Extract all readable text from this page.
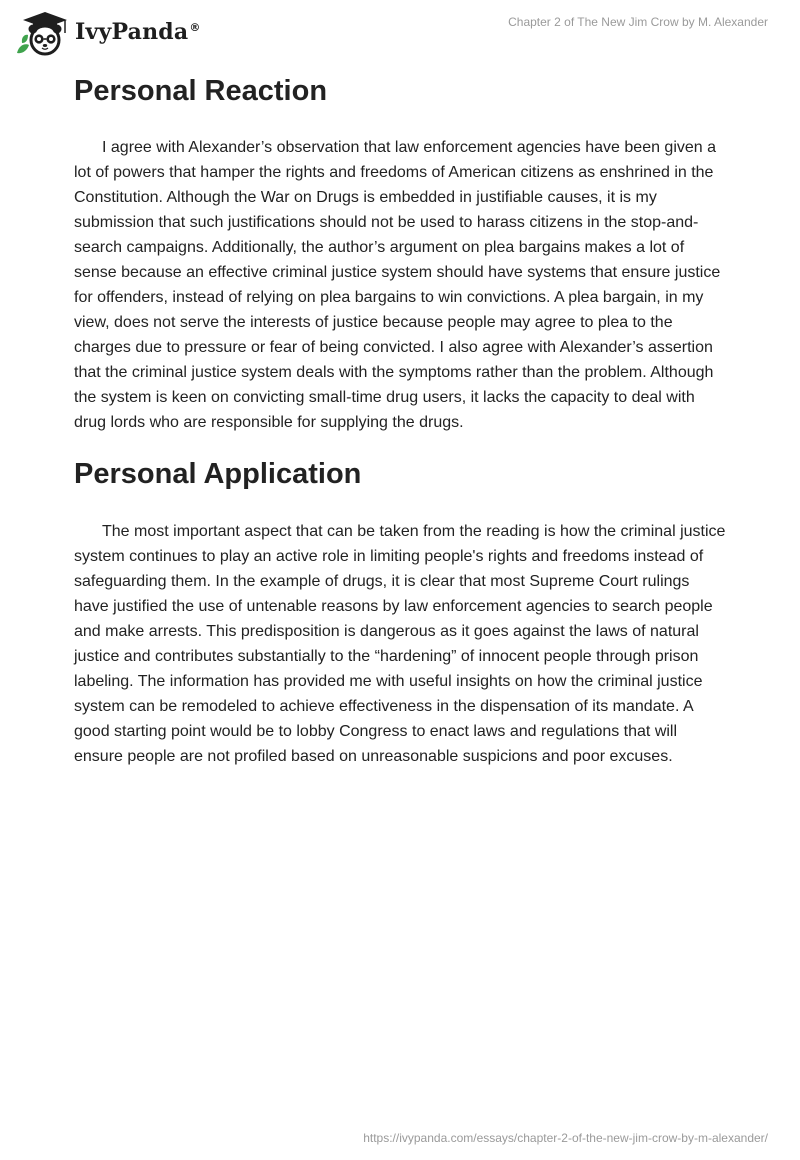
IvyPanda®	Chapter 2 of The New Jim Crow by M. Alexander
Personal Reaction

I agree with Alexander’s observation that law enforcement agencies have been given a lot of powers that hamper the rights and freedoms of American citizens as enshrined in the Constitution. Although the War on Drugs is embedded in justifiable causes, it is my submission that such justifications should not be used to harass citizens in the stop-and-search campaigns. Additionally, the author’s argument on plea bargains makes a lot of sense because an effective criminal justice system should have systems that ensure justice for offenders, instead of relying on plea bargains to win convictions. A plea bargain, in my view, does not serve the interests of justice because people may agree to plea to the charges due to pressure or fear of being convicted. I also agree with Alexander’s assertion that the criminal justice system deals with the symptoms rather than the problem. Although the system is keen on convicting small-time drug users, it lacks the capacity to deal with drug lords who are responsible for supplying the drugs.

Personal Application

The most important aspect that can be taken from the reading is how the criminal justice system continues to play an active role in limiting people's rights and freedoms instead of safeguarding them. In the example of drugs, it is clear that most Supreme Court rulings have justified the use of untenable reasons by law enforcement agencies to search people and make arrests. This predisposition is dangerous as it goes against the laws of natural justice and contributes substantially to the “hardening” of innocent people through prison labeling. The information has provided me with useful insights on how the criminal justice system can be remodeled to achieve effectiveness in the dispensation of its mandate. A good starting point would be to lobby Congress to enact laws and regulations that will ensure people are not profiled based on unreasonable suspicions and poor excuses.

https://ivypanda.com/essays/chapter-2-of-the-new-jim-crow-by-m-alexander/
